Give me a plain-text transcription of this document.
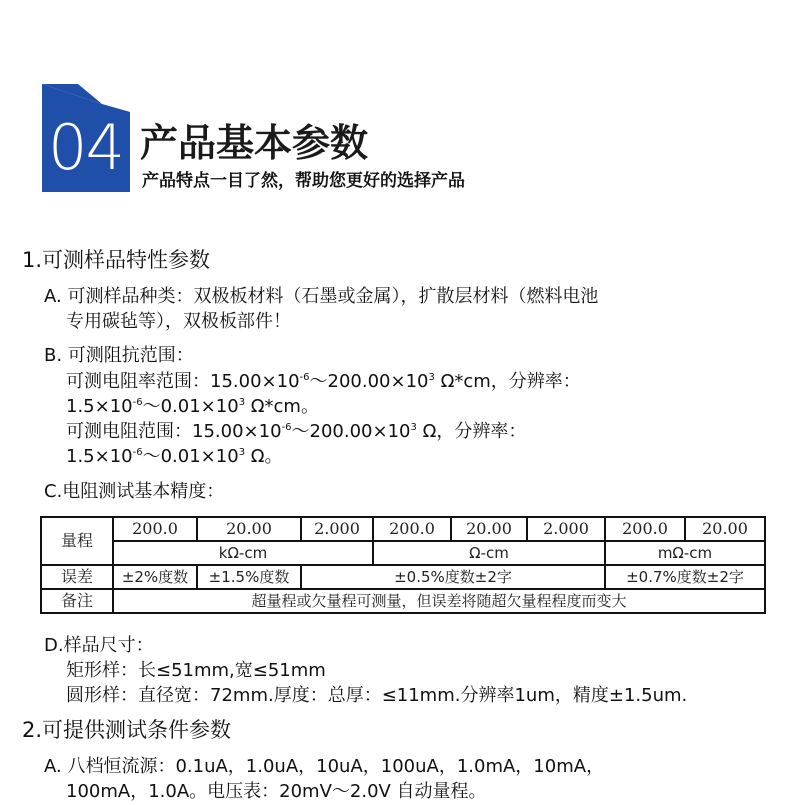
04 产品基本参数
产品特点一目了然，帮助您更好的选择产品
1.可测样品特性参数
A. 可测样品种类：双极板材料（石墨或金属），扩散层材料（燃料电池
专用碳毡等），双极板部件！
B. 可测阻抗范围：
可测电阻率范围：$15.00\times 10^{-6}\sim 200.00\times 10^3$ Ω*cm，分辨率：
$1.5\times 10^{-6}\sim 0.01\times 10^3$ Ω*cm。
可测电阻范围：$15.00\times 10^{-6}\sim 200.00\times 10^3$ Ω，分辨率：
$1.5\times 10^{-6}\sim 0.01\times 10^3$ Ω。
C.电阻测试基本精度：
量程	200.0	20.00	2.000	200.0	20.00	2.000	200.0	20.00
	kΩ-cm			Ω-cm			mΩ-cm	
误差	±2%度数	±1.5%度数	±0.5%度数±2字				±0.7%度数±2字	
备注	超量程或欠量程可测量，但误差将随超欠量程程度而变大							
D.样品尺寸：
矩形样：长≤51mm,宽≤51mm
圆形样：直径宽：72mm.厚度：总厚：≤11mm.分辨率1um，精度±1.5um.
2.可提供测试条件参数
A. 八档恒流源：0.1uA，1.0uA，10uA，100uA，1.0mA，10mA，
100mA，1.0A。电压表：20mV～2.0V 自动量程。
